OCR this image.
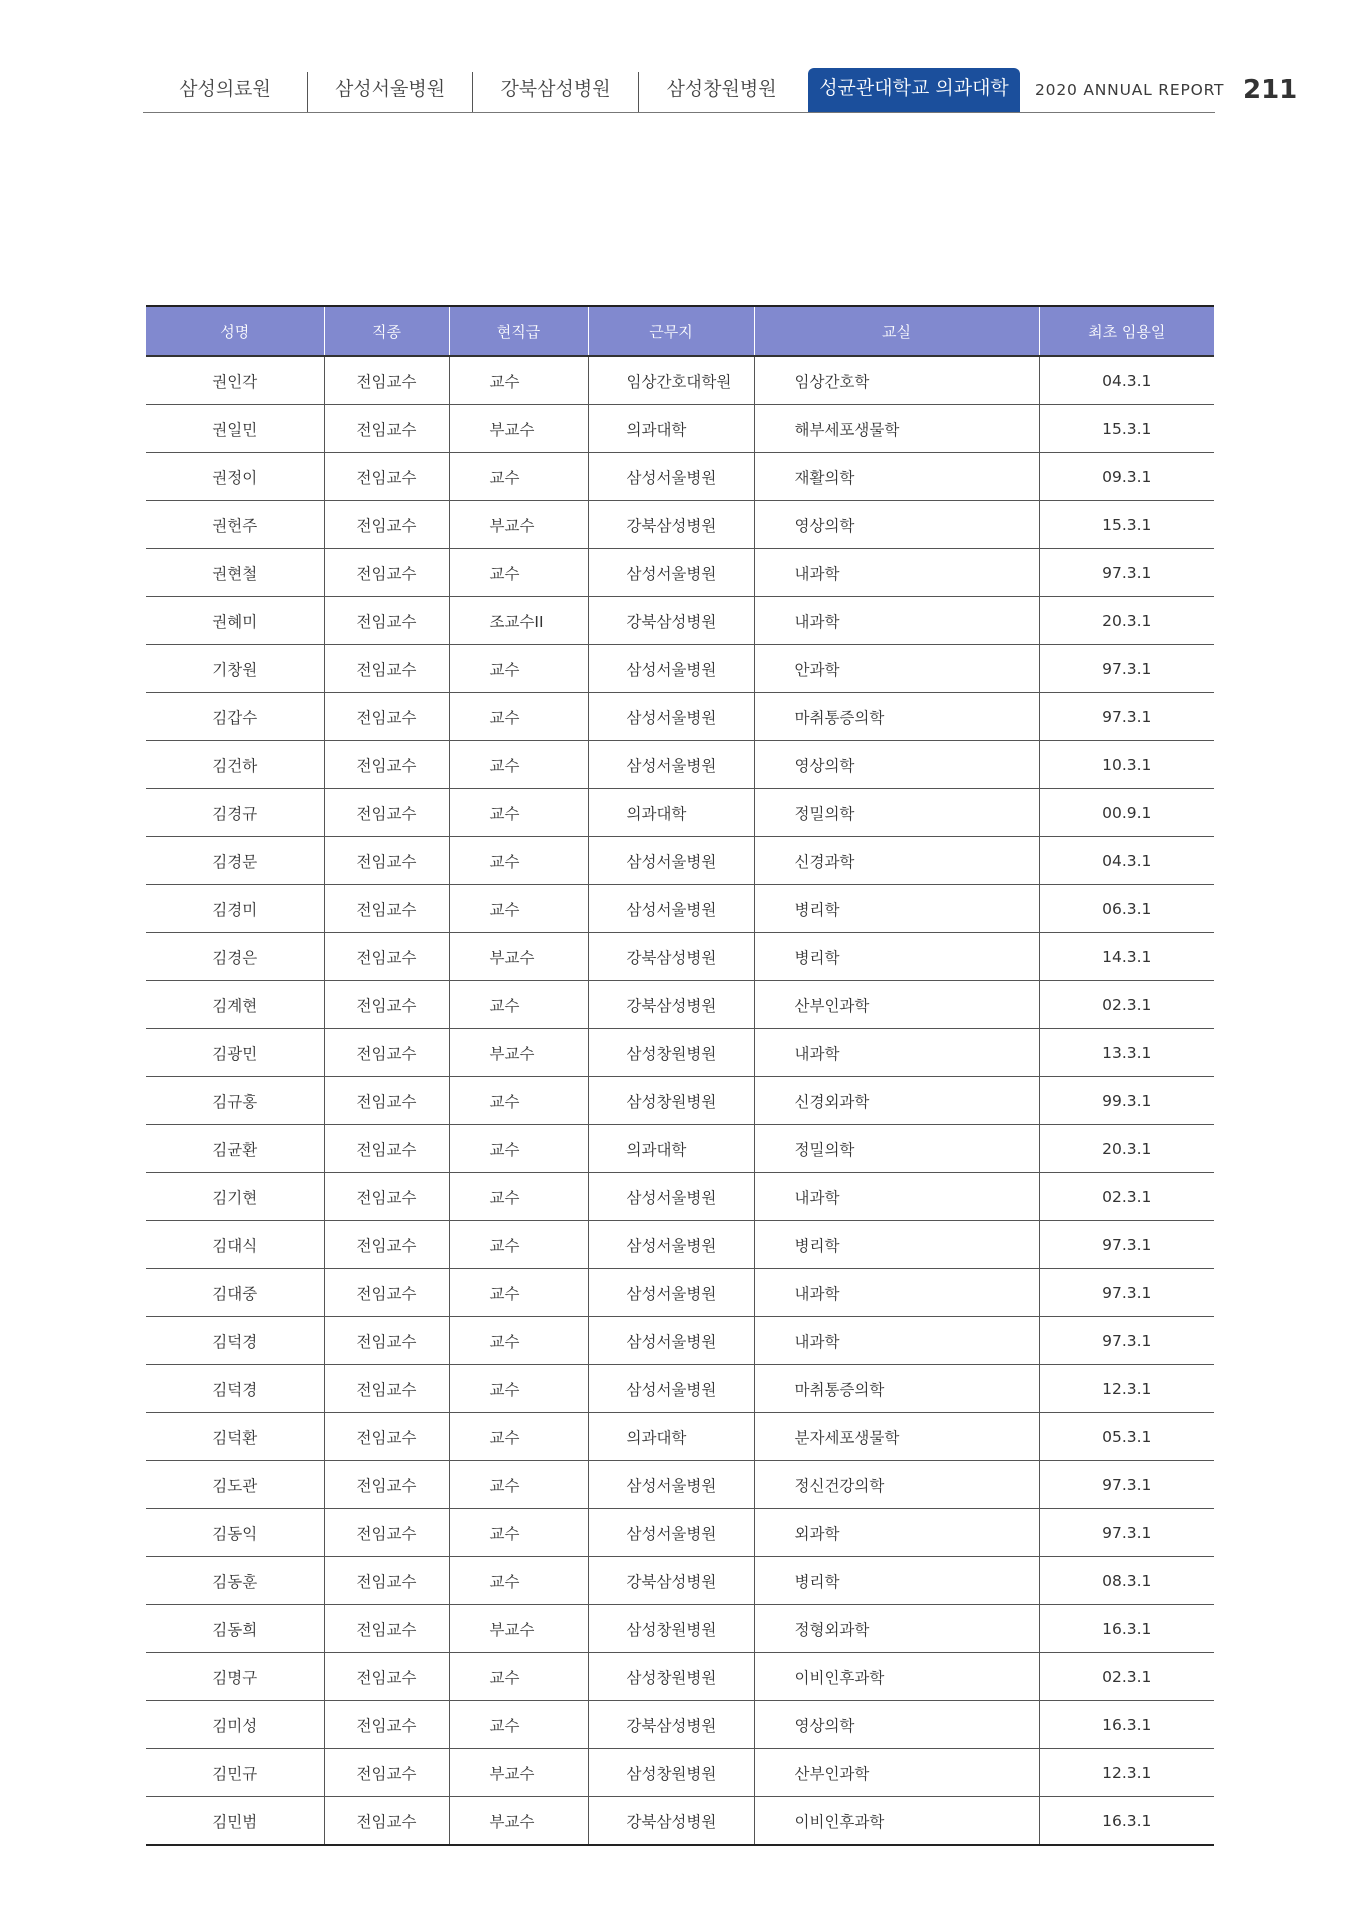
삼성의료원	삼성서울병원	강북삼성병원	삼성창원병원	성균관대학교 의과대학	2020 ANNUAL REPORT 211
성명	직종	현직급	근무지	교실	최초 임용일
권인각	전임교수	교수	임상간호대학원	임상간호학	04.3.1
권일민	전임교수	부교수	의과대학	해부세포생물학	15.3.1
권정이	전임교수	교수	삼성서울병원	재활의학	09.3.1
권헌주	전임교수	부교수	강북삼성병원	영상의학	15.3.1
권현철	전임교수	교수	삼성서울병원	내과학	97.3.1
권혜미	전임교수	조교수II	강북삼성병원	내과학	20.3.1
기창원	전임교수	교수	삼성서울병원	안과학	97.3.1
김갑수	전임교수	교수	삼성서울병원	마취통증의학	97.3.1
김건하	전임교수	교수	삼성서울병원	영상의학	10.3.1
김경규	전임교수	교수	의과대학	정밀의학	00.9.1
김경문	전임교수	교수	삼성서울병원	신경과학	04.3.1
김경미	전임교수	교수	삼성서울병원	병리학	06.3.1
김경은	전임교수	부교수	강북삼성병원	병리학	14.3.1
김계현	전임교수	교수	강북삼성병원	산부인과학	02.3.1
김광민	전임교수	부교수	삼성창원병원	내과학	13.3.1
김규홍	전임교수	교수	삼성창원병원	신경외과학	99.3.1
김균환	전임교수	교수	의과대학	정밀의학	20.3.1
김기현	전임교수	교수	삼성서울병원	내과학	02.3.1
김대식	전임교수	교수	삼성서울병원	병리학	97.3.1
김대중	전임교수	교수	삼성서울병원	내과학	97.3.1
김덕경	전임교수	교수	삼성서울병원	내과학	97.3.1
김덕경	전임교수	교수	삼성서울병원	마취통증의학	12.3.1
김덕환	전임교수	교수	의과대학	분자세포생물학	05.3.1
김도관	전임교수	교수	삼성서울병원	정신건강의학	97.3.1
김동익	전임교수	교수	삼성서울병원	외과학	97.3.1
김동훈	전임교수	교수	강북삼성병원	병리학	08.3.1
김동희	전임교수	부교수	삼성창원병원	정형외과학	16.3.1
김명구	전임교수	교수	삼성창원병원	이비인후과학	02.3.1
김미성	전임교수	교수	강북삼성병원	영상의학	16.3.1
김민규	전임교수	부교수	삼성창원병원	산부인과학	12.3.1
김민범	전임교수	부교수	강북삼성병원	이비인후과학	16.3.1
